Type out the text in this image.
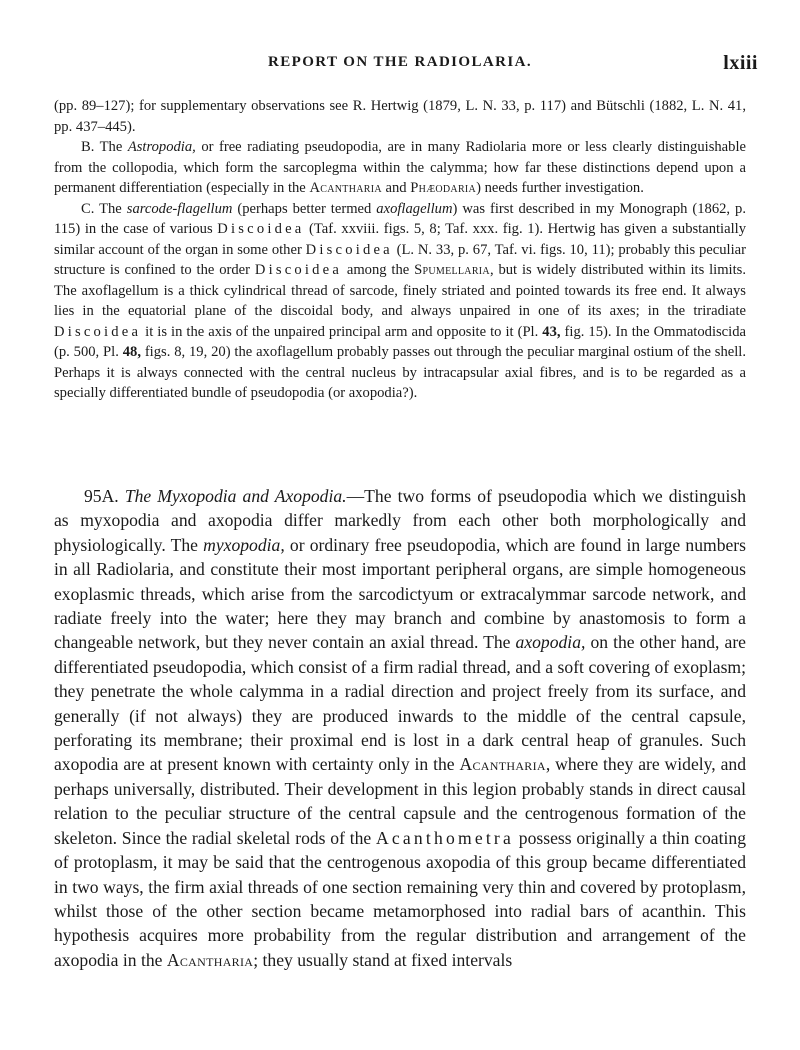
REPORT ON THE RADIOLARIA.	lxiii

(pp. 89–127); for supplementary observations see R. Hertwig (1879, L. N. 33, p. 117) and Bütschli (1882, L. N. 41, pp. 437–445).

B. The Astropodia, or free radiating pseudopodia, are in many Radiolaria more or less clearly distinguishable from the collopodia, which form the sarcoplegma within the calymma; how far these distinctions depend upon a permanent differentiation (especially in the Acantharia and Phæodaria) needs further investigation.

C. The sarcode-flagellum (perhaps better termed axoflagellum) was first described in my Monograph (1862, p. 115) in the case of various Discoidea (Taf. xxviii. figs. 5, 8; Taf. xxx. fig. 1). Hertwig has given a substantially similar account of the organ in some other Discoidea (L. N. 33, p. 67, Taf. vi. figs. 10, 11); probably this peculiar structure is confined to the order Discoidea among the Spumellaria, but is widely distributed within its limits. The axoflagellum is a thick cylindrical thread of sarcode, finely striated and pointed towards its free end. It always lies in the equatorial plane of the discoidal body, and always unpaired in one of its axes; in the triradiate Discoidea it is in the axis of the unpaired principal arm and opposite to it (Pl. 43, fig. 15). In the Ommatodiscida (p. 500, Pl. 48, figs. 8, 19, 20) the axoflagellum probably passes out through the peculiar marginal ostium of the shell. Perhaps it is always connected with the central nucleus by intracapsular axial fibres, and is to be regarded as a specially differentiated bundle of pseudopodia (or axopodia?).

95A. The Myxopodia and Axopodia.—The two forms of pseudopodia which we distinguish as myxopodia and axopodia differ markedly from each other both morphologically and physiologically. The myxopodia, or ordinary free pseudopodia, which are found in large numbers in all Radiolaria, and constitute their most important peripheral organs, are simple homogeneous exoplasmic threads, which arise from the sarcodictyum or extracalymmar sarcode network, and radiate freely into the water; here they may branch and combine by anastomosis to form a changeable network, but they never contain an axial thread. The axopodia, on the other hand, are differentiated pseudopodia, which consist of a firm radial thread, and a soft covering of exoplasm; they penetrate the whole calymma in a radial direction and project freely from its surface, and generally (if not always) they are produced inwards to the middle of the central capsule, perforating its membrane; their proximal end is lost in a dark central heap of granules. Such axopodia are at present known with certainty only in the Acantharia, where they are widely, and perhaps universally, distributed. Their development in this legion probably stands in direct causal relation to the peculiar structure of the central capsule and the centrogenous formation of the skeleton. Since the radial skeletal rods of the Acanthometra possess originally a thin coating of protoplasm, it may be said that the centrogenous axopodia of this group became differentiated in two ways, the firm axial threads of one section remaining very thin and covered by protoplasm, whilst those of the other section became metamorphosed into radial bars of acanthin. This hypothesis acquires more probability from the regular distribution and arrangement of the axopodia in the Acantharia; they usually stand at fixed intervals
